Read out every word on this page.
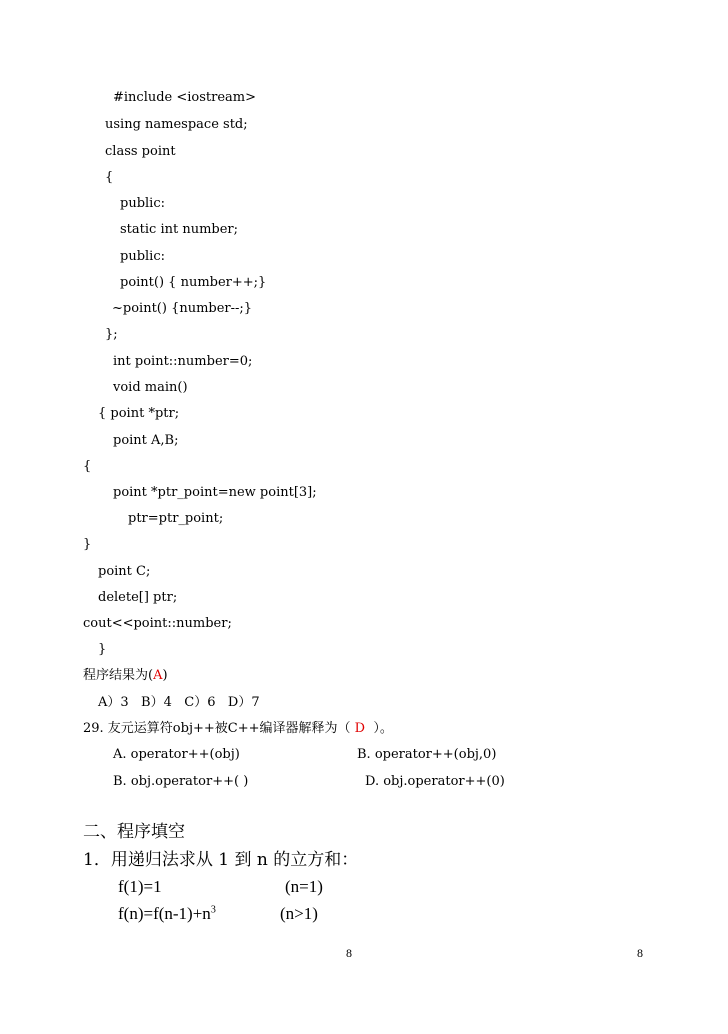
#include <iostream>
using namespace std;
class point
{
public:
static int number;
public:
point() { number++;}
~point() {number--;}
};
int point::number=0;
void main()
{ point *ptr;
point A,B;
{
point *ptr_point=new point[3];
ptr=ptr_point;
}
point C;
delete[] ptr;
cout<<point::number;
}
程序结果为(A)
A）3   B）4   C）6   D）7
29. 友元运算符obj++被C++编译器解释为（ D  ）。
A. operator++(obj)	B. operator++(obj,0)
B. obj.operator++( )	D. obj.operator++(0)
二、程序填空
1．用递归法求从 1 到 n 的立方和：
f(1)=1	(n=1)
$f(n)=f(n-1)+n^3$	(n>1)
8	8
